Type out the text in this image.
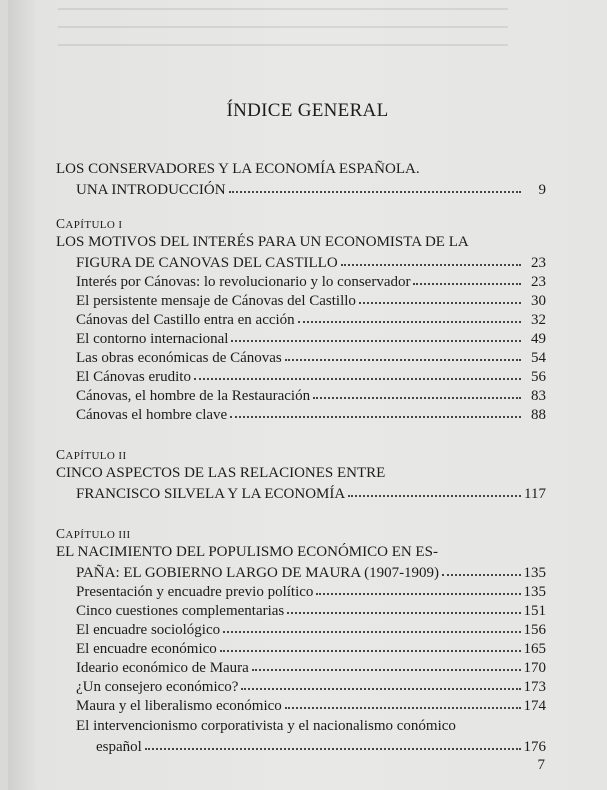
ÍNDICE GENERAL
LOS CONSERVADORES Y LA ECONOMÍA ESPAÑOLA.
UNA INTRODUCCIÓN	9
CAPÍTULO I
LOS MOTIVOS DEL INTERÉS PARA UN ECONOMISTA DE LA
FIGURA DE CANOVAS DEL CASTILLO	23
Interés por Cánovas: lo revolucionario y lo conservador	23
El persistente mensaje de Cánovas del Castillo	30
Cánovas del Castillo entra en acción	32
El contorno internacional	49
Las obras económicas de Cánovas	54
El Cánovas erudito	56
Cánovas, el hombre de la Restauración	83
Cánovas el hombre clave	88
CAPÍTULO II
CINCO ASPECTOS DE LAS RELACIONES ENTRE
FRANCISCO SILVELA Y LA ECONOMÍA	117
CAPÍTULO III
EL NACIMIENTO DEL POPULISMO ECONÓMICO EN ES-
PAÑA: EL GOBIERNO LARGO DE MAURA (1907-1909)	135
Presentación y encuadre previo político	135
Cinco cuestiones complementarias	151
El encuadre sociológico	156
El encuadre económico	165
Ideario económico de Maura	170
¿Un consejero económico?	173
Maura y el liberalismo económico	174
El intervencionismo corporativista y el nacionalismo conómico
español	176
7
